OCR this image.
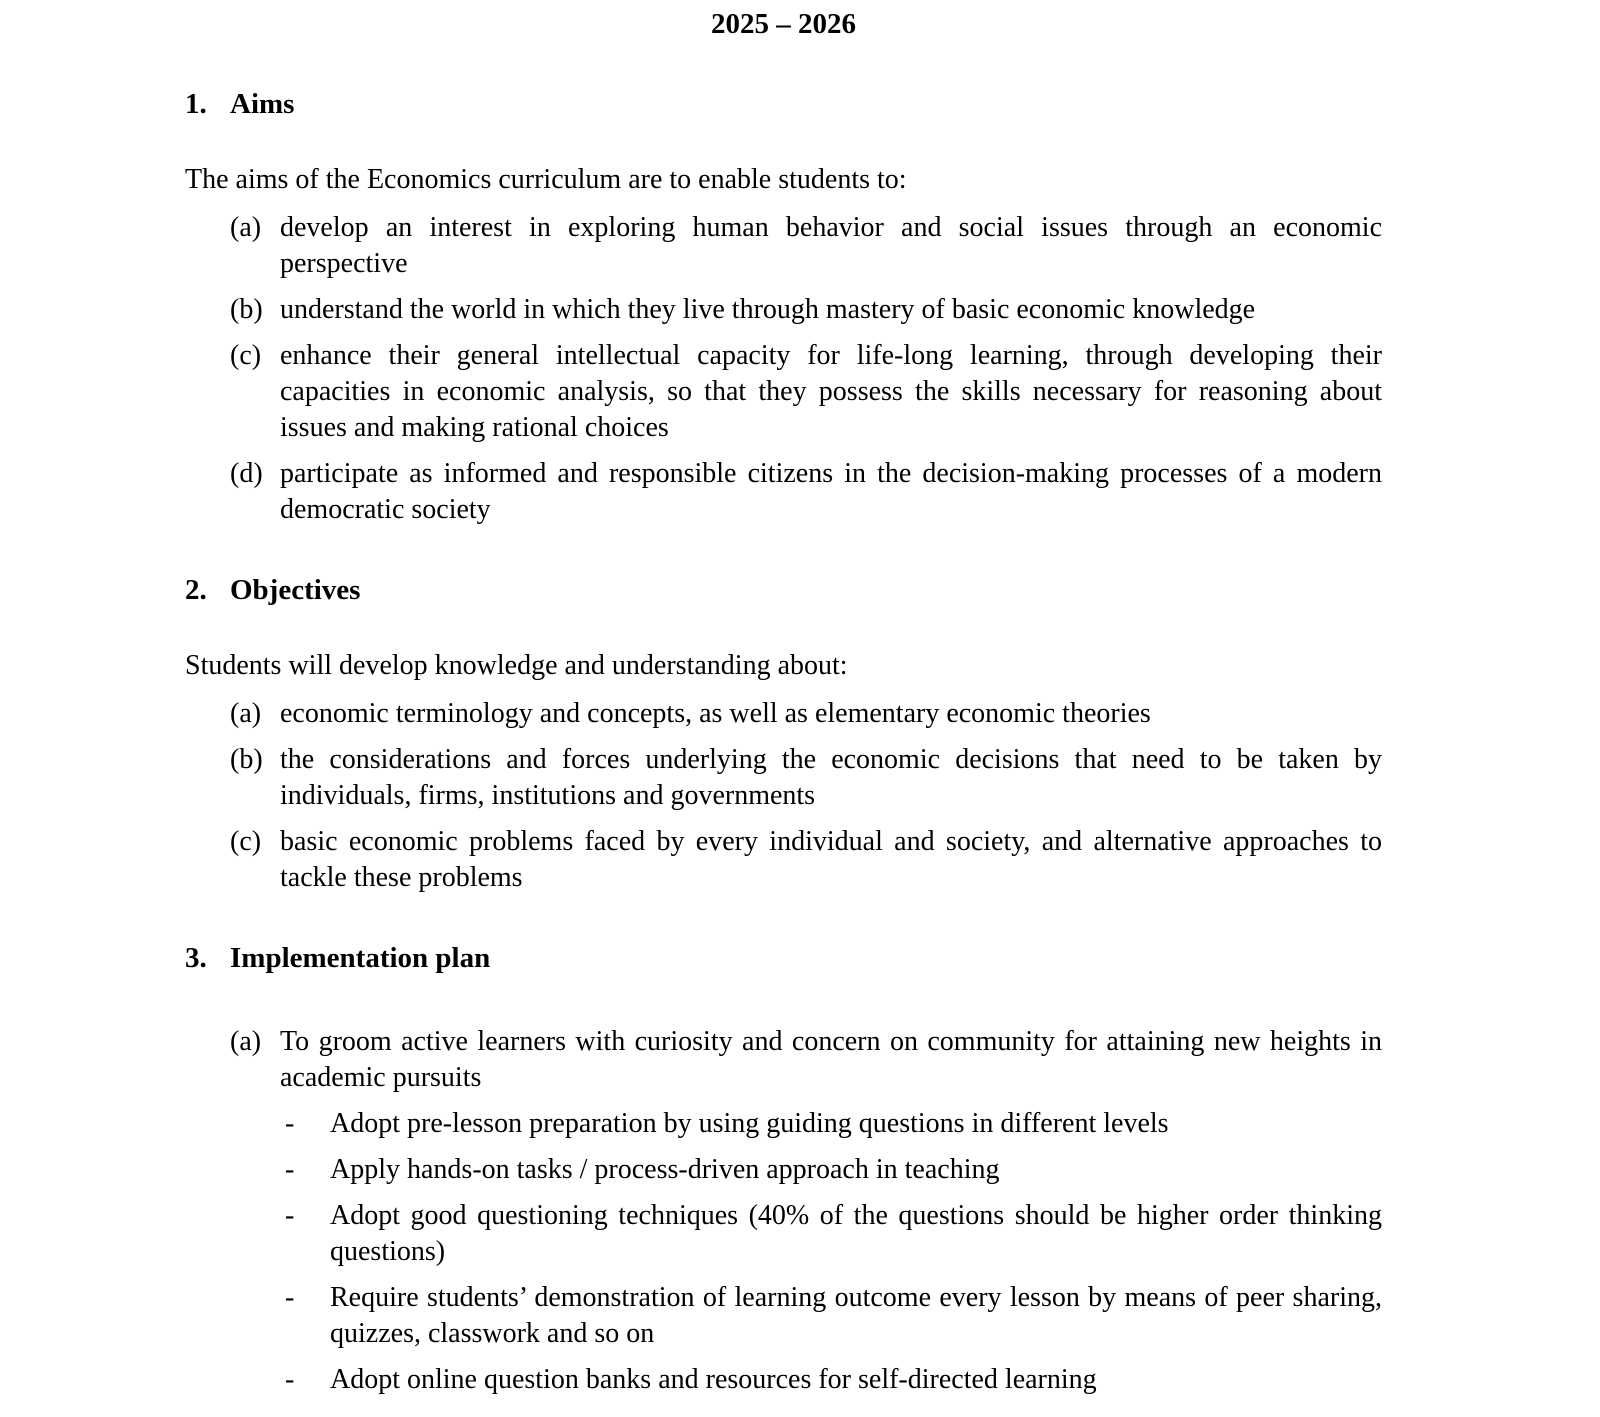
2025 – 2026
1. Aims

The aims of the Economics curriculum are to enable students to:

(a) develop an interest in exploring human behavior and social issues through an economic perspective
(b) understand the world in which they live through mastery of basic economic knowledge
(c) enhance their general intellectual capacity for life-long learning, through developing their capacities in economic analysis, so that they possess the skills necessary for reasoning about issues and making rational choices
(d) participate as informed and responsible citizens in the decision-making processes of a modern democratic society
2. Objectives

Students will develop knowledge and understanding about:

(a) economic terminology and concepts, as well as elementary economic theories
(b) the considerations and forces underlying the economic decisions that need to be taken by individuals, firms, institutions and governments
(c) basic economic problems faced by every individual and society, and alternative approaches to tackle these problems
3. Implementation plan
(a) To groom active learners with curiosity and concern on community for attaining new heights in academic pursuits
-	Adopt pre-lesson preparation by using guiding questions in different levels
-	Apply hands-on tasks / process-driven approach in teaching
-	Adopt good questioning techniques (40% of the questions should be higher order thinking questions)
-	Require students’ demonstration of learning outcome every lesson by means of peer sharing, quizzes, classwork and so on
-	Adopt online question banks and resources for self-directed learning
